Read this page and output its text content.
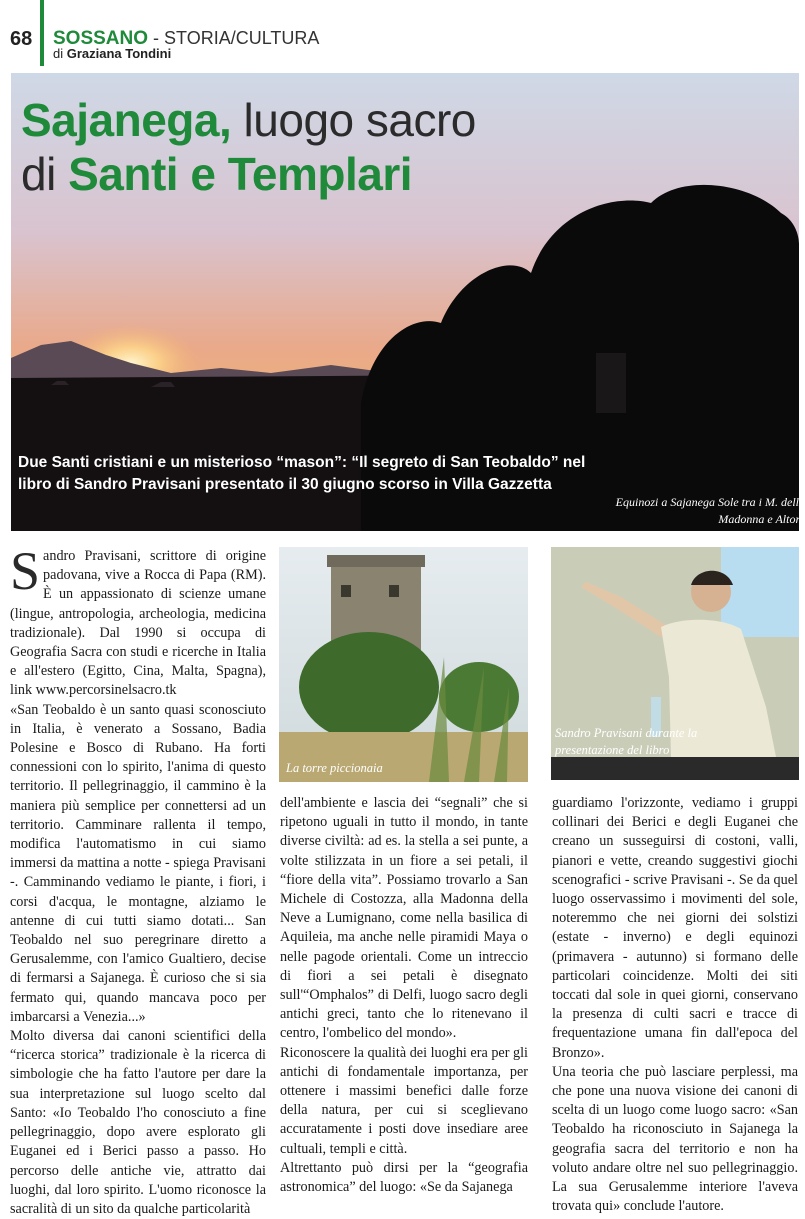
68 SOSSANO - STORIA/CULTURA
di Graziana Tondini
Sajanega, luogo sacro
di Santi e Templari
Equinozi a Sajanega Sole tra i M. della Madonna e Altore
Due Santi cristiani e un misterioso “mason”: “Il segreto di San Teobaldo” nel libro di Sandro Pravisani presentato il 30 giugno scorso in Villa Gazzetta
La torre piccionaia
Sandro Pravisani durante la presentazione del libro

Sandro Pravisani, scrittore di origine padovana, vive a Rocca di Papa (RM). È un appassionato di scienze umane (lingue, antropologia, archeologia, medicina tradizionale). Dal 1990 si occupa di Geografia Sacra con studi e ricerche in Italia e all'estero (Egitto, Cina, Malta, Spagna), link www.percorsinelsacro.tk

«San Teobaldo è un santo quasi sconosciuto in Italia, è venerato a Sossano, Badia Polesine e Bosco di Rubano. Ha forti connessioni con lo spirito, l'anima di questo territorio. Il pellegrinaggio, il cammino è la maniera più semplice per connettersi ad un territorio. Camminare rallenta il tempo, modifica l'automatismo in cui siamo immersi da mattina a notte - spiega Pravisani -. Camminando vediamo le piante, i fiori, i corsi d'acqua, le montagne, alziamo le antenne di cui tutti siamo dotati... San Teobaldo nel suo peregrinare diretto a Gerusalemme, con l'amico Gualtiero, decise di fermarsi a Sajanega. È curioso che si sia fermato qui, quando mancava poco per imbarcarsi a Venezia...»

Molto diversa dai canoni scientifici della “ricerca storica” tradizionale è la ricerca di simbologie che ha fatto l'autore per dare la sua interpretazione sul luogo scelto dal Santo: «Io Teobaldo l'ho conosciuto a fine pellegrinaggio, dopo avere esplorato gli Euganei ed i Berici passo a passo. Ho percorso delle antiche vie, attratto dai luoghi, dal loro spirito. L'uomo riconosce la sacralità di un sito da qualche particolarità

dell'ambiente e lascia dei “segnali” che si ripetono uguali in tutto il mondo, in tante diverse civiltà: ad es. la stella a sei punte, a volte stilizzata in un fiore a sei petali, il “fiore della vita”. Possiamo trovarlo a San Michele di Costozza, alla Madonna della Neve a Lumignano, come nella basilica di Aquileia, ma anche nelle piramidi Maya o nelle pagode orientali. Come un intreccio di fiori a sei petali è disegnato sull'“Omphalos” di Delfi, luogo sacro degli antichi greci, tanto che lo ritenevano il centro, l'ombelico del mondo».

Riconoscere la qualità dei luoghi era per gli antichi di fondamentale importanza, per ottenere i massimi benefici dalle forze della natura, per cui si sceglievano accuratamente i posti dove insediare aree cultuali, templi e città.

Altrettanto può dirsi per la “geografia astronomica” del luogo: «Se da Sajanega

guardiamo l'orizzonte, vediamo i gruppi collinari dei Berici e degli Euganei che creano un susseguirsi di costoni, valli, pianori e vette, creando suggestivi giochi scenografici - scrive Pravisani -. Se da quel luogo osservassimo i movimenti del sole, noteremmo che nei giorni dei solstizi (estate - inverno) e degli equinozi (primavera - autunno) si formano delle particolari coincidenze. Molti dei siti toccati dal sole in quei giorni, conservano la presenza di culti sacri e tracce di frequentazione umana fin dall'epoca del Bronzo».

Una teoria che può lasciare perplessi, ma che pone una nuova visione dei canoni di scelta di un luogo come luogo sacro: «San Teobaldo ha riconosciuto in Sajanega la geografia sacra del territorio e non ha voluto andare oltre nel suo pellegrinaggio. La sua Gerusalemme interiore l'aveva trovata qui» conclude l'autore.
